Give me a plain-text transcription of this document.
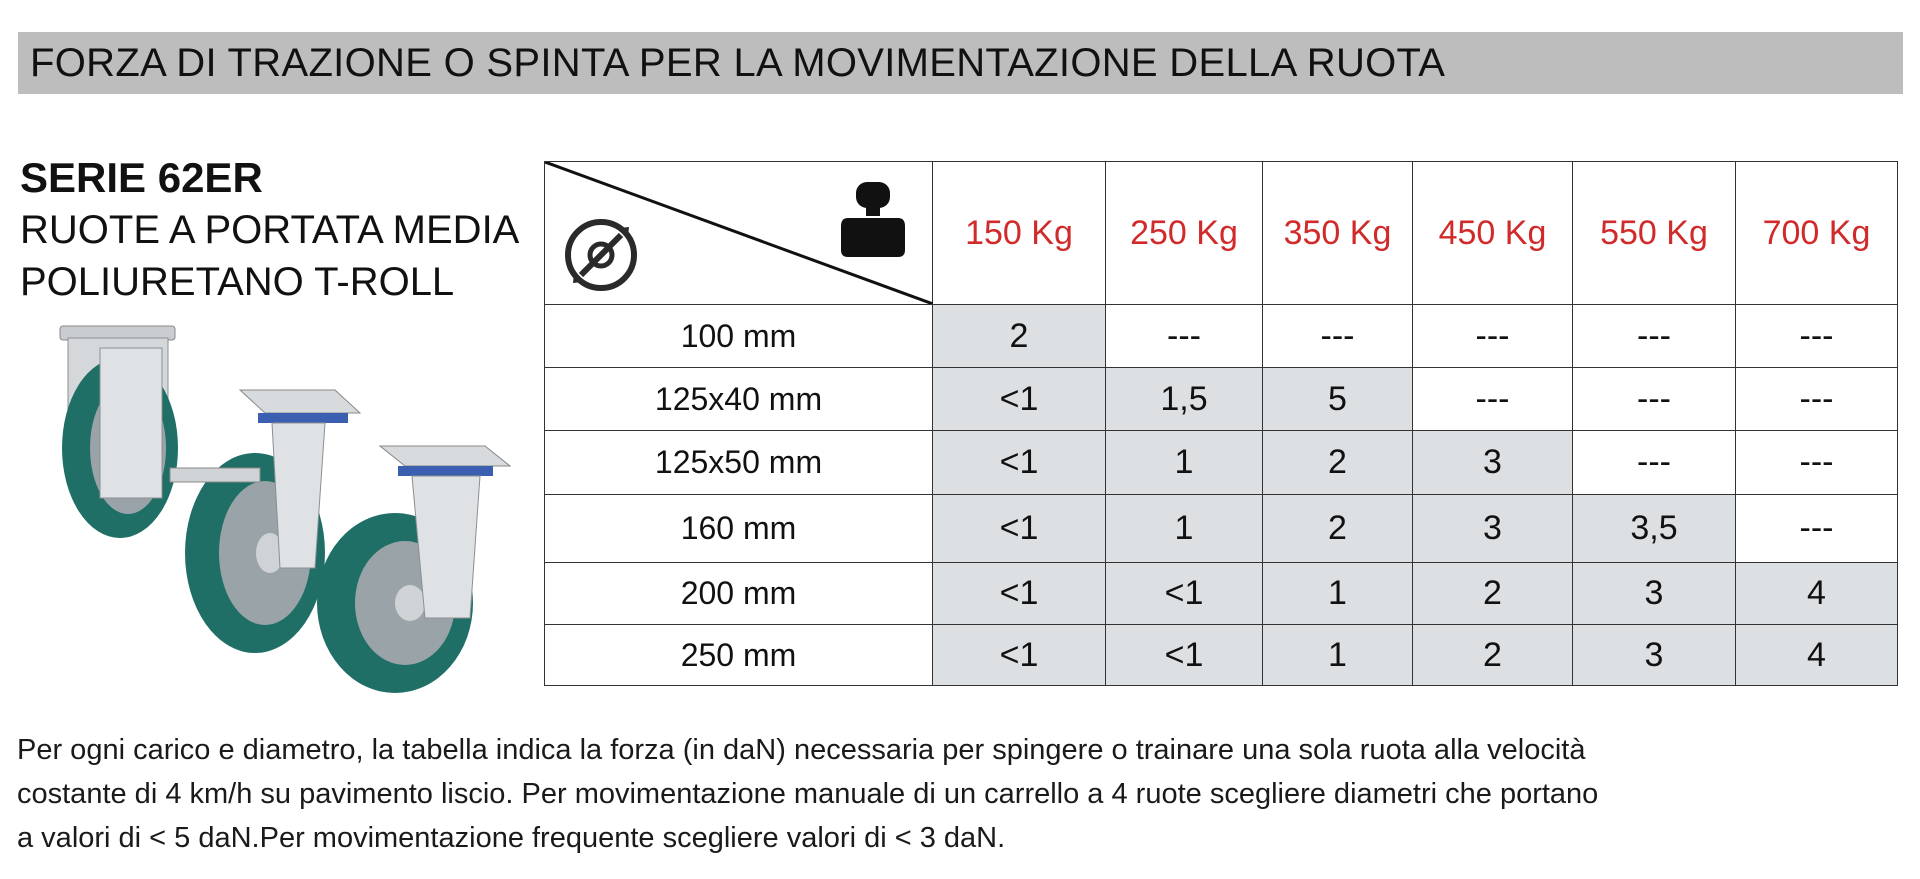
FORZA DI TRAZIONE O SPINTA PER LA MOVIMENTAZIONE DELLA RUOTA
SERIE 62ER
RUOTE A PORTATA MEDIA
POLIURETANO T-ROLL
	150 Kg	250 Kg	350 Kg	450 Kg	550 Kg	700 Kg
100 mm	2	---	---	---	---	---
125x40 mm	<1	1,5	5	---	---	---
125x50 mm	<1	1	2	3	---	---
160 mm	<1	1	2	3	3,5	---
200 mm	<1	<1	1	2	3	4
250 mm	<1	<1	1	2	3	4
Per ogni carico e diametro, la tabella indica la forza (in daN) necessaria per spingere o trainare una sola ruota alla velocità
costante di 4 km/h su pavimento liscio. Per movimentazione manuale di un carrello a 4 ruote scegliere diametri che portano
a valori di < 5 daN.Per movimentazione frequente scegliere valori di < 3 daN.
